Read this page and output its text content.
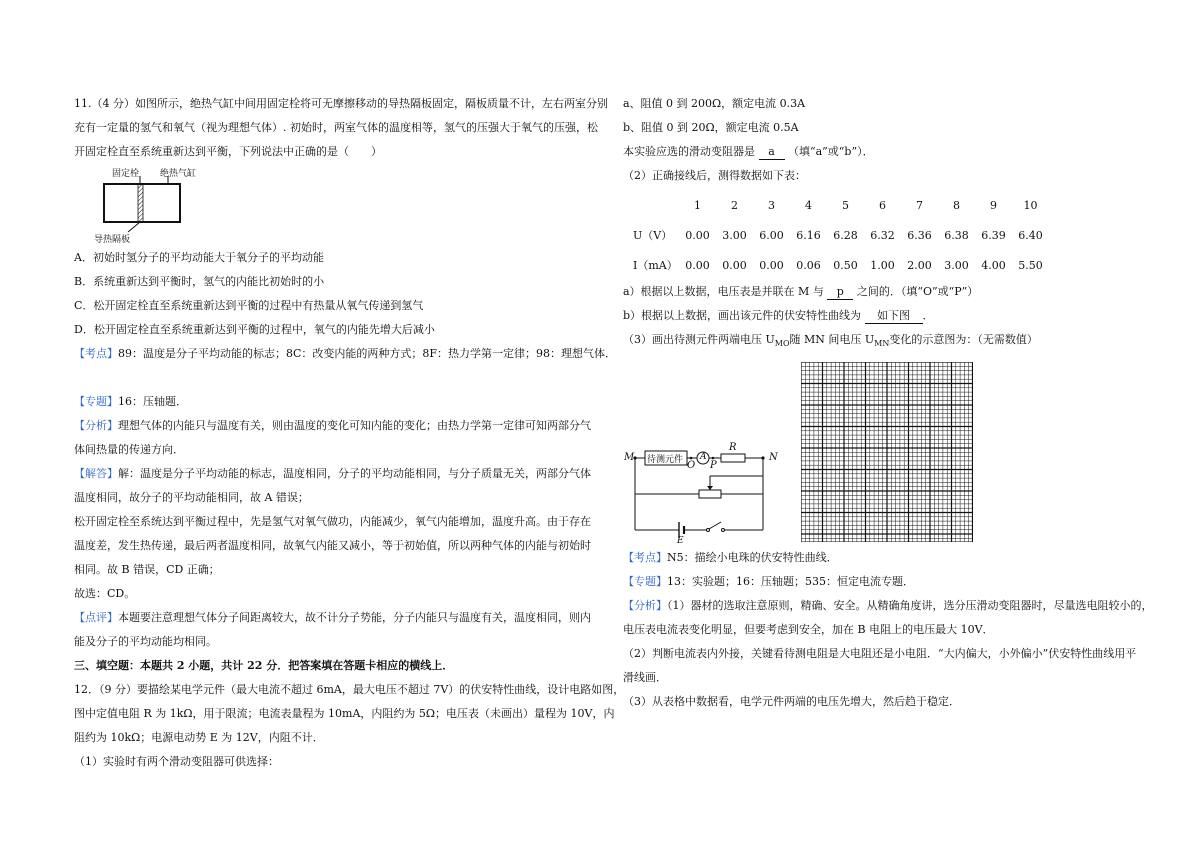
11.（4 分）如图所示，绝热气缸中间用固定栓将可无摩擦移动的导热隔板固定，隔板质量不计，左右两室分别
充有一定量的氢气和氧气（视为理想气体）. 初始时，两室气体的温度相等，氢气的压强大于氧气的压强，松
开固定栓直至系统重新达到平衡，下列说法中正确的是（　　）
固定栓 绝热气缸
导热隔板
A．初始时氢分子的平均动能大于氧分子的平均动能
B．系统重新达到平衡时，氢气的内能比初始时的小
C．松开固定栓直至系统重新达到平衡的过程中有热量从氧气传递到氢气
D．松开固定栓直至系统重新达到平衡的过程中，氧气的内能先增大后减小
【考点】89：温度是分子平均动能的标志；8C：改变内能的两种方式；8F：热力学第一定律；98：理想气体．
【专题】16：压轴题．
【分析】理想气体的内能只与温度有关，则由温度的变化可知内能的变化；由热力学第一定律可知两部分气
体间热量的传递方向．
【解答】解：温度是分子平均动能的标志，温度相同，分子的平均动能相同，与分子质量无关，两部分气体
温度相同，故分子的平均动能相同，故 A 错误；
松开固定栓至系统达到平衡过程中，先是氢气对氧气做功，内能减少，氧气内能增加，温度升高。由于存在
温度差，发生热传递，最后两者温度相同，故氧气内能又减小，等于初始值，所以两种气体的内能与初始时
相同。故 B 错误，CD 正确；
故选：CD。
【点评】本题要注意理想气体分子间距离较大，故不计分子势能，分子内能只与温度有关，温度相同，则内
能及分子的平均动能均相同。
三、填空题：本题共 2 小题，共计 22 分．把答案填在答题卡相应的横线上．
12．（9 分）要描绘某电学元件（最大电流不超过 6mA，最大电压不超过 7V）的伏安特性曲线，设计电路如图，
图中定值电阻 R 为 1kΩ，用于限流；电流表量程为 10mA，内阻约为 5Ω；电压表（未画出）量程为 10V，内
阻约为 10kΩ；电源电动势 E 为 12V，内阻不计．
（1）实验时有两个滑动变阻器可供选择：
a、阻值 0 到 200Ω，额定电流 0.3A
b、阻值 0 到 20Ω，额定电流 0.5A
本实验应选的滑动变阻器是 a （填“a”或“b”）．
（2）正确接线后，测得数据如下表：
	1	2	3	4	5	6	7	8	9	10
U（V）	0.00	3.00	6.00	6.16	6.28	6.32	6.36	6.38	6.39	6.40
I（mA）	0.00	0.00	0.00	0.06	0.50	1.00	2.00	3.00	4.00	5.50
a）根据以上数据，电压表是并联在 M 与 p 之间的．（填“O”或“P”）
b）根据以上数据，画出该元件的伏安特性曲线为 如下图 ．
（3）画出待测元件两端电压 $U_{MO}$随 MN 间电压 $U_{MN}$变化的示意图为：（无需数值）
M	N
待测元件 A
O P
R
E
【考点】N5：描绘小电珠的伏安特性曲线．
【专题】13：实验题；16：压轴题；535：恒定电流专题．
【分析】（1）器材的选取注意原则，精确、安全。从精确角度讲，选分压滑动变阻器时，尽量选电阻较小的，
电压表电流表变化明显，但要考虑到安全，加在 B 电阻上的电压最大 10V．
（2）判断电流表内外接，关键看待测电阻是大电阻还是小电阻．“大内偏大，小外偏小”伏安特性曲线用平
滑线画．
（3）从表格中数据看，电学元件两端的电压先增大，然后趋于稳定．
